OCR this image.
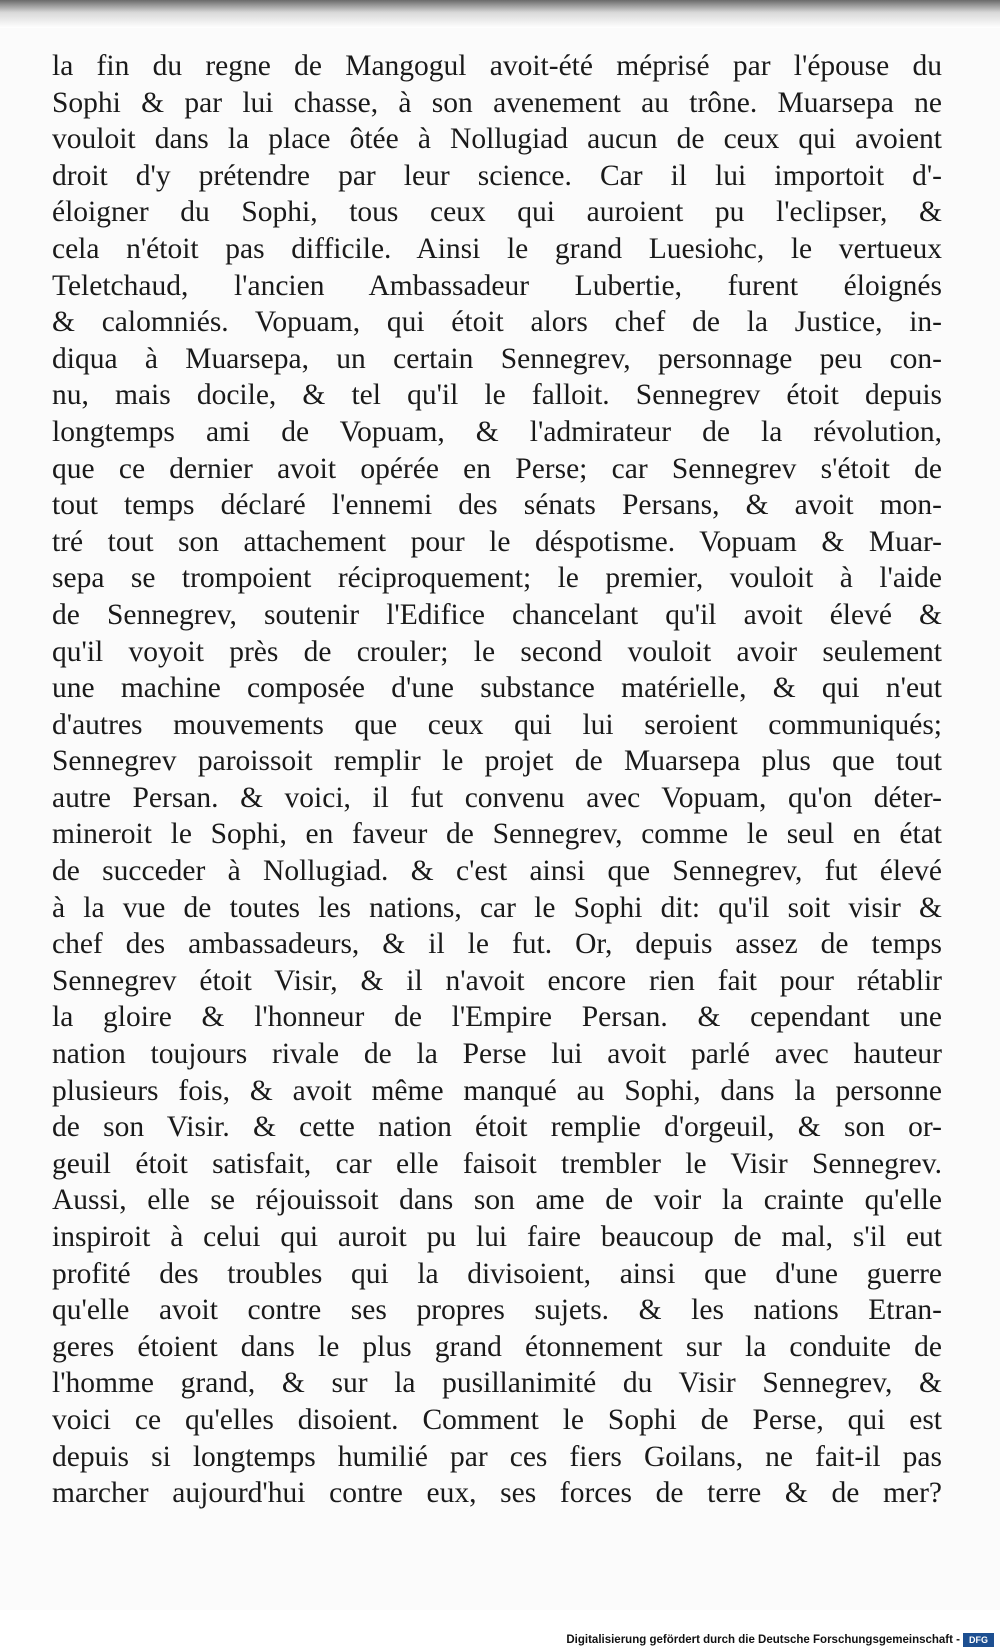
la fin du regne de Mangogul avoit-été méprisé par l'épouse du
Sophi & par lui chasse, à son avenement au trône. Muarsepa ne
vouloit dans la place ôtée à Nollugiad aucun de ceux qui avoient
droit d'y prétendre par leur science. Car il lui importoit d'-
éloigner du Sophi, tous ceux qui auroient pu l'eclipser, &
cela n'étoit pas difficile. Ainsi le grand Luesiohc, le vertueux
Teletchaud, l'ancien Ambassadeur Lubertie, furent éloignés
& calomniés. Vopuam, qui étoit alors chef de la Justice, in-
diqua à Muarsepa, un certain Sennegrev, personnage peu con-
nu, mais docile, & tel qu'il le falloit. Sennegrev étoit depuis
longtemps ami de Vopuam, & l'admirateur de la révolution,
que ce dernier avoit opérée en Perse; car Sennegrev s'étoit de
tout temps déclaré l'ennemi des sénats Persans, & avoit mon-
tré tout son attachement pour le déspotisme. Vopuam & Muar-
sepa se trompoient réciproquement; le premier, vouloit à l'aide
de Sennegrev, soutenir l'Edifice chancelant qu'il avoit élevé &
qu'il voyoit près de crouler; le second vouloit avoir seulement
une machine composée d'une substance matérielle, & qui n'eut
d'autres mouvements que ceux qui lui seroient communiqués;
Sennegrev paroissoit remplir le projet de Muarsepa plus que tout
autre Persan. & voici, il fut convenu avec Vopuam, qu'on déter-
mineroit le Sophi, en faveur de Sennegrev, comme le seul en état
de succeder à Nollugiad. & c'est ainsi que Sennegrev, fut élevé
à la vue de toutes les nations, car le Sophi dit: qu'il soit visir &
chef des ambassadeurs, & il le fut. Or, depuis assez de temps
Sennegrev étoit Visir, & il n'avoit encore rien fait pour rétablir
la gloire & l'honneur de l'Empire Persan. & cependant une
nation toujours rivale de la Perse lui avoit parlé avec hauteur
plusieurs fois, & avoit même manqué au Sophi, dans la personne
de son Visir. & cette nation étoit remplie d'orgeuil, & son or-
geuil étoit satisfait, car elle faisoit trembler le Visir Sennegrev.
Aussi, elle se réjouissoit dans son ame de voir la crainte qu'elle
inspiroit à celui qui auroit pu lui faire beaucoup de mal, s'il eut
profité des troubles qui la divisoient, ainsi que d'une guerre
qu'elle avoit contre ses propres sujets. & les nations Etran-
geres étoient dans le plus grand étonnement sur la conduite de
l'homme grand, & sur la pusillanimité du Visir Sennegrev, &
voici ce qu'elles disoient. Comment le Sophi de Perse, qui est
depuis si longtemps humilié par ces fiers Goilans, ne fait-il pas
marcher aujourd'hui contre eux, ses forces de terre & de mer?
Digitalisierung gefördert durch die Deutsche Forschungsgemeinschaft -	DFG
